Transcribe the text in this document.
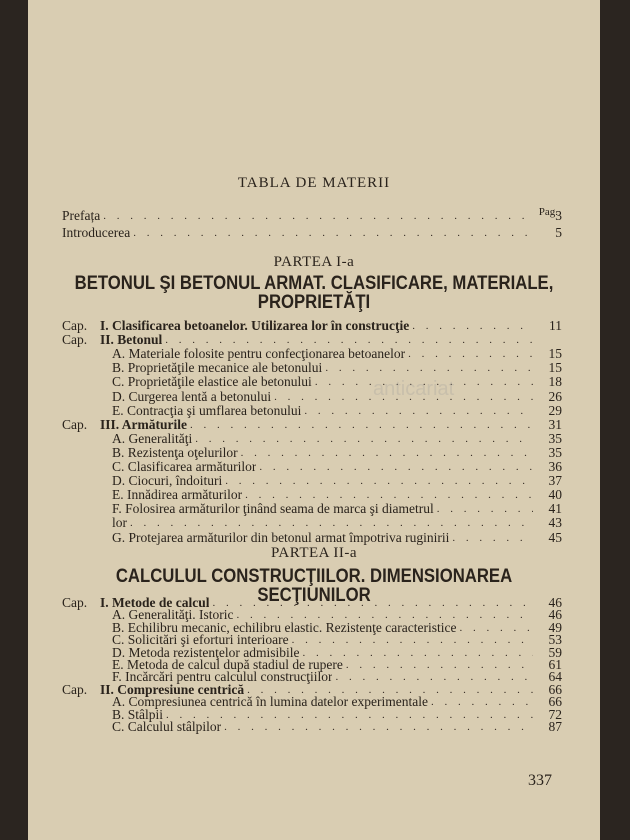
TABLA DE MATERII
Pag.
Prefața . . .	3
Introducerea . . .	5
PARTEA I-a
BETONUL ŞI BETONUL ARMAT. CLASIFICARE, MATERIALE,
PROPRIETĂŢI
Cap. I. Clasificarea betoanelor. Utilizarea lor în construcţie . . .	11
Cap. II. Betonul
. . .
A. Materiale folosite pentru confecţionarea betoanelor . . .	15
B. Proprietăţile mecanice ale betonului . . .	15
C. Proprietăţile elastice ale betonului . . .	18
D. Curgerea lentă a betonului . . .	26
E. Contracţia şi umflarea betonului . . .	29
Cap. III. Armăturile . . .	31
A. Generalităţi . . .	35
B. Rezistenţa oţelurilor . . .	35
C. Clasificarea armăturilor . . .	36
D. Ciocuri, îndoituri . . .	37
E. Innădirea armăturilor . . .	40
F. Folosirea armăturilor ţinând seama de marca şi diametrul . . .	41
lor . . .	43
G. Protejarea armăturilor din betonul armat împotriva ruginirii . . .	45
PARTEA II-a
CALCULUL CONSTRUCŢIILOR. DIMENSIONAREA SECŢIUNILOR
Cap. I. Metode de calcul . . .	46
A. Generalităţi. Istoric . . .	46
B. Echilibru mecanic, echilibru elastic. Rezistenţe caracteristice . . .	49
C. Solicitări şi eforturi interioare . . .	53
D. Metoda rezistenţelor admisibile . . .	59
E. Metoda de calcul după stadiul de rupere . . .	61
F. Incărcări pentru calculul construcţiilor . . .	64
Cap. II. Compresiune centrică . . .	66
A. Compresiunea centrică în lumina datelor experimentale . . .	66
B. Stâlpii . . .	72
C. Calculul stâlpilor . . .	87
anticariat
337
